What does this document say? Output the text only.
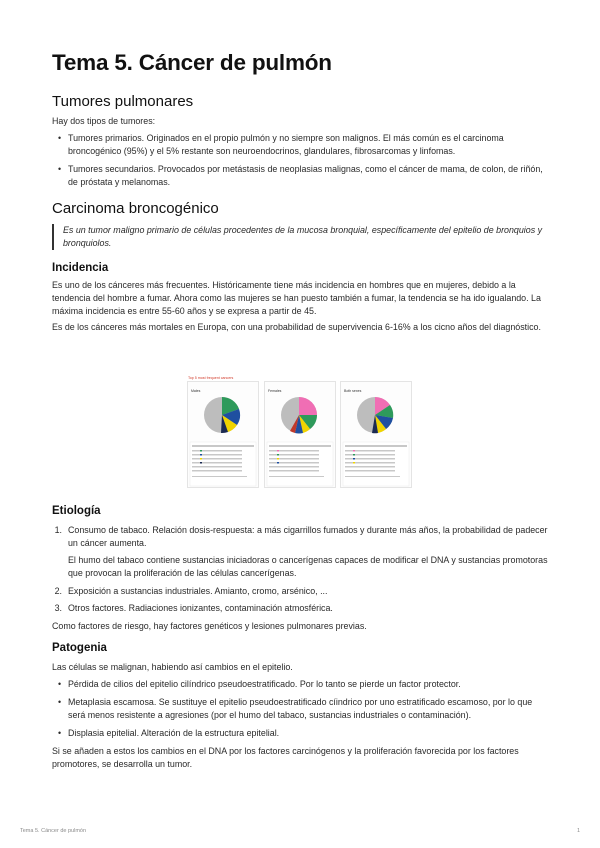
Tema 5. Cáncer de pulmón
Tumores pulmonares

Hay dos tipos de tumores:

• Tumores primarios. Originados en el propio pulmón y no siempre son malignos. El más común es el carcinoma broncogénico (95%) y el 5% restante son neuroendocrinos, glandulares, fibrosarcomas y linfomas.
• Tumores secundarios. Provocados por metástasis de neoplasias malignas, como el cáncer de mama, de colon, de riñón, de próstata y melanomas.
Carcinoma broncogénico
Es un tumor maligno primario de células procedentes de la mucosa bronquial, específicamente del epitelio de bronquios y bronquiolos.
Incidencia

Es uno de los cánceres más frecuentes. Históricamente tiene más incidencia en hombres que en mujeres, debido a la tendencia del hombre a fumar. Ahora como las mujeres se han puesto también a fumar, la tendencia se ha ido igualando. La máxima incidencia es entre 55-60 años y se expresa a partir de 45.

Es de los cánceres más mortales en Europa, con una probabilidad de supervivencia 6-16% a los cicno años del diagnóstico.

Top 5 most frequent cancers
Males	Females	Both sexes
Etiología
1. Consumo de tabaco. Relación dosis-respuesta: a más cigarrillos fumados y durante más años, la probabilidad de padecer un cáncer aumenta.

El humo del tabaco contiene sustancias iniciadoras o cancerígenas capaces de modificar el DNA y sustancias promotoras que provocan la proliferación de las células cancerígenas.

2. Exposición a sustancias industriales. Amianto, cromo, arsénico, ...
3. Otros factores. Radiaciones ionizantes, contaminación atmosférica.

Como factores de riesgo, hay factores genéticos y lesiones pulmonares previas.

Patogenia

Las células se malignan, habiendo así cambios en el epitelio.

• Pérdida de cilios del epitelio cilíndrico pseudoestratificado. Por lo tanto se pierde un factor protector.
• Metaplasia escamosa. Se sustituye el epitelio pseudoestratificado cíindrico por uno estratificado escamoso, por lo que será menos resistente a agresiones (por el humo del tabaco, sustancias industriales o contaminación).
• Displasia epitelial. Alteración de la estructura epitelial.

Si se añaden a estos los cambios en el DNA por los factores carcinógenos y la proliferación favorecida por los factores promotores, se desarrolla un tumor.

Tema 5. Cáncer de pulmón	1
